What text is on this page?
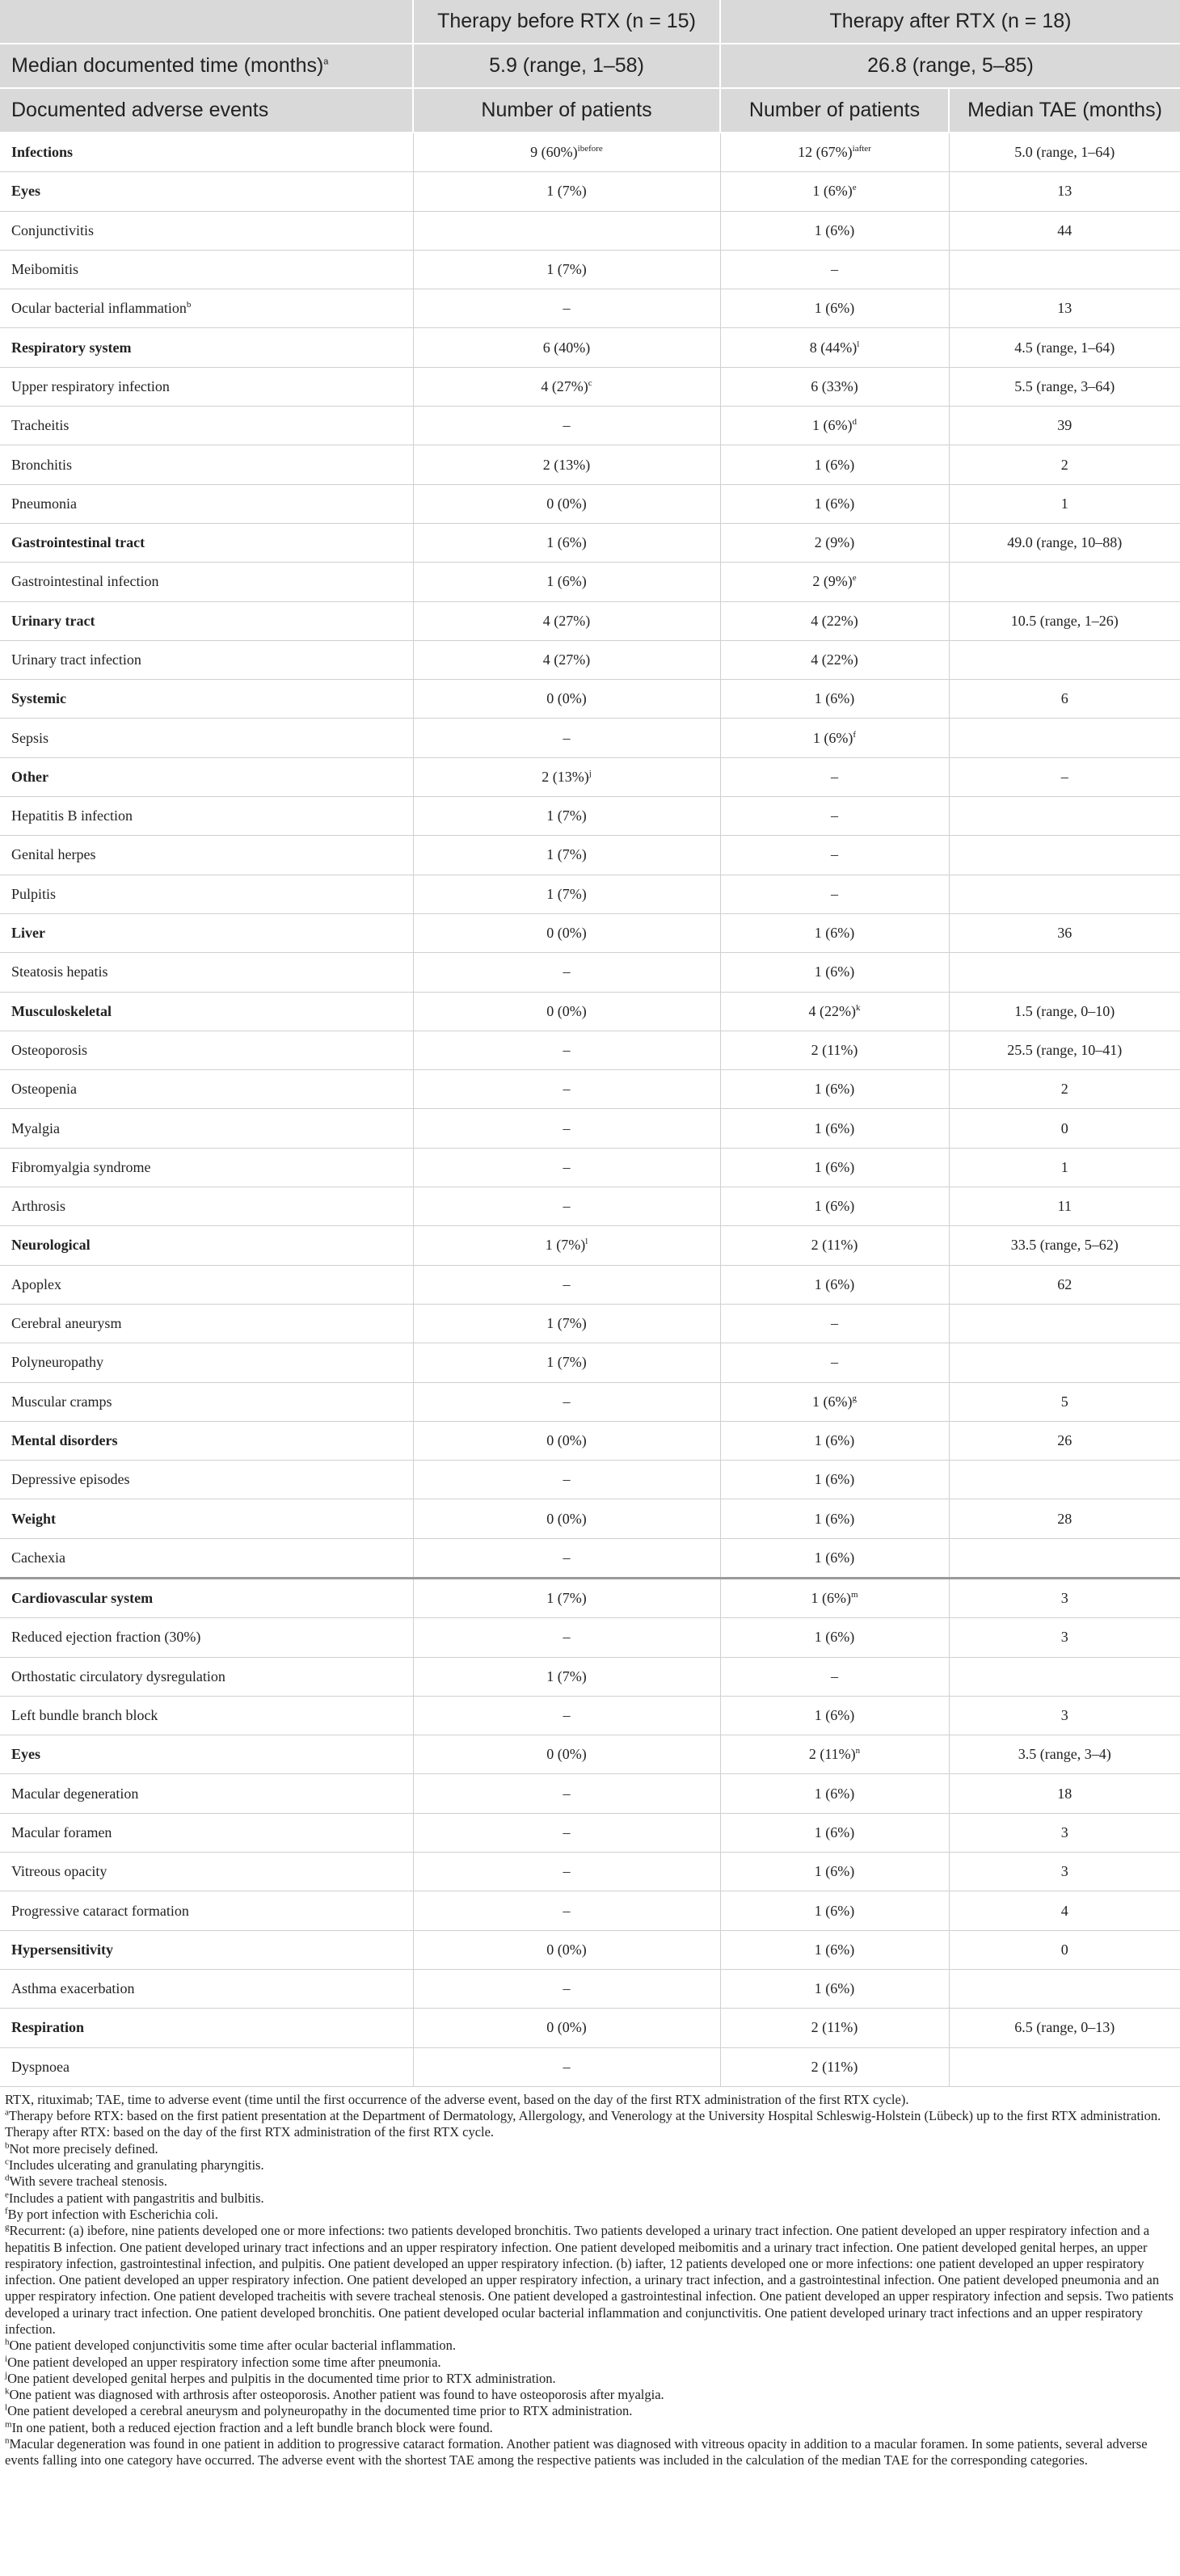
	Therapy before RTX (n = 15)	Therapy after RTX (n = 18)	
Median documented time (months)$^a$	5.9 (range, 1–58)	26.8 (range, 5–85)	
Documented adverse events	Number of patients	Number of patients	Median TAE (months)
Infections	9 $(60\%)^{ibefore}$	12 $(67\%)^{iafter}$	5.0 (range, 1–64)
Eyes	1 (7%)	1 $(6\%)^e$	13
Conjunctivitis		1 (6%)	44
Meibomitis	1 (7%)	–	
Ocular bacterial inflammation$^b$	–	1 (6%)	13
Respiratory system	6 (40%)	8 $(44\%)^l$	4.5 (range, 1–64)
Upper respiratory infection	4 $(27\%)^c$	6 (33%)	5.5 (range, 3–64)
Tracheitis	–	1 $(6\%)^d$	39
Bronchitis	2 (13%)	1 (6%)	2
Pneumonia	0 (0%)	1 (6%)	1
Gastrointestinal tract	1 (6%)	2 (9%)	49.0 (range, 10–88)
Gastrointestinal infection	1 (6%)	2 $(9\%)^e$	
Urinary tract	4 (27%)	4 (22%)	10.5 (range, 1–26)
Urinary tract infection	4 (27%)	4 (22%)	
Systemic	0 (0%)	1 (6%)	6
Sepsis	–	1 $(6\%)^f$	
Other	2 $(13\%)^j$	–	–
Hepatitis B infection	1 (7%)	–	
Genital herpes	1 (7%)	–	
Pulpitis	1 (7%)	–	
Liver	0 (0%)	1 (6%)	36
Steatosis hepatis	–	1 (6%)	
Musculoskeletal	0 (0%)	4 $(22\%)^k$	1.5 (range, 0–10)
Osteoporosis	–	2 (11%)	25.5 (range, 10–41)
Osteopenia	–	1 (6%)	2
Myalgia	–	1 (6%)	0
Fibromyalgia syndrome	–	1 (6%)	1
Arthrosis	–	1 (6%)	11
Neurological	1 $(7\%)^l$	2 (11%)	33.5 (range, 5–62)
Apoplex	–	1 (6%)	62
Cerebral aneurysm	1 (7%)	–	
Polyneuropathy	1 (7%)	–	
Muscular cramps	–	1 $(6\%)^g$	5
Mental disorders	0 (0%)	1 (6%)	26
Depressive episodes	–	1 (6%)	
Weight	0 (0%)	1 (6%)	28
Cachexia	–	1 (6%)	
Cardiovascular system	1 (7%)	1 $(6\%)^m$	3
Reduced ejection fraction (30%)	–	1 (6%)	3
Orthostatic circulatory dysregulation	1 (7%)	–	
Left bundle branch block	–	1 (6%)	3
Eyes	0 (0%)	2 $(11\%)^n$	3.5 (range, 3–4)
Macular degeneration	–	1 (6%)	18
Macular foramen	–	1 (6%)	3
Vitreous opacity	–	1 (6%)	3
Progressive cataract formation	–	1 (6%)	4
Hypersensitivity	0 (0%)	1 (6%)	0
Asthma exacerbation	–	1 (6%)	
Respiration	0 (0%)	2 (11%)	6.5 (range, 0–13)
Dyspnoea	–	2 (11%)	

RTX, rituximab; TAE, time to adverse event (time until the first occurrence of the adverse event, based on the day of the first RTX administration of the first RTX cycle).

$^a$Therapy before RTX: based on the first patient presentation at the Department of Dermatology, Allergology, and Venerology at the University Hospital Schleswig-Holstein (Lübeck) up to the first RTX administration. Therapy after RTX: based on the day of the first RTX administration of the first RTX cycle.

$^b$Not more precisely defined.

$^c$Includes ulcerating and granulating pharyngitis.

$^d$With severe tracheal stenosis.

$^e$Includes a patient with pangastritis and bulbitis.

$^f$By port infection with Escherichia coli.

$^g$Recurrent: (a) ibefore, nine patients developed one or more infections: two patients developed bronchitis. Two patients developed a urinary tract infection. One patient developed an upper respiratory infection and a hepatitis B infection. One patient developed urinary tract infections and an upper respiratory infection. One patient developed meibomitis and a urinary tract infection. One patient developed genital herpes, an upper respiratory infection, gastrointestinal infection, and pulpitis. One patient developed an upper respiratory infection. (b) iafter, 12 patients developed one or more infections: one patient developed an upper respiratory infection. One patient developed an upper respiratory infection. One patient developed an upper respiratory infection, a urinary tract infection, and a gastrointestinal infection. One patient developed pneumonia and an upper respiratory infection. One patient developed tracheitis with severe tracheal stenosis. One patient developed a gastrointestinal infection. One patient developed an upper respiratory infection and sepsis. Two patients developed a urinary tract infection. One patient developed bronchitis. One patient developed ocular bacterial inflammation and conjunctivitis. One patient developed urinary tract infections and an upper respiratory infection.

$^h$One patient developed conjunctivitis some time after ocular bacterial inflammation.

$^i$One patient developed an upper respiratory infection some time after pneumonia.

$^j$One patient developed genital herpes and pulpitis in the documented time prior to RTX administration.

$^k$One patient was diagnosed with arthrosis after osteoporosis. Another patient was found to have osteoporosis after myalgia.

$^l$One patient developed a cerebral aneurysm and polyneuropathy in the documented time prior to RTX administration.

$^m$In one patient, both a reduced ejection fraction and a left bundle branch block were found.

$^n$Macular degeneration was found in one patient in addition to progressive cataract formation. Another patient was diagnosed with vitreous opacity in addition to a macular foramen. In some patients, several adverse events falling into one category have occurred. The adverse event with the shortest TAE among the respective patients was included in the calculation of the median TAE for the corresponding categories.
